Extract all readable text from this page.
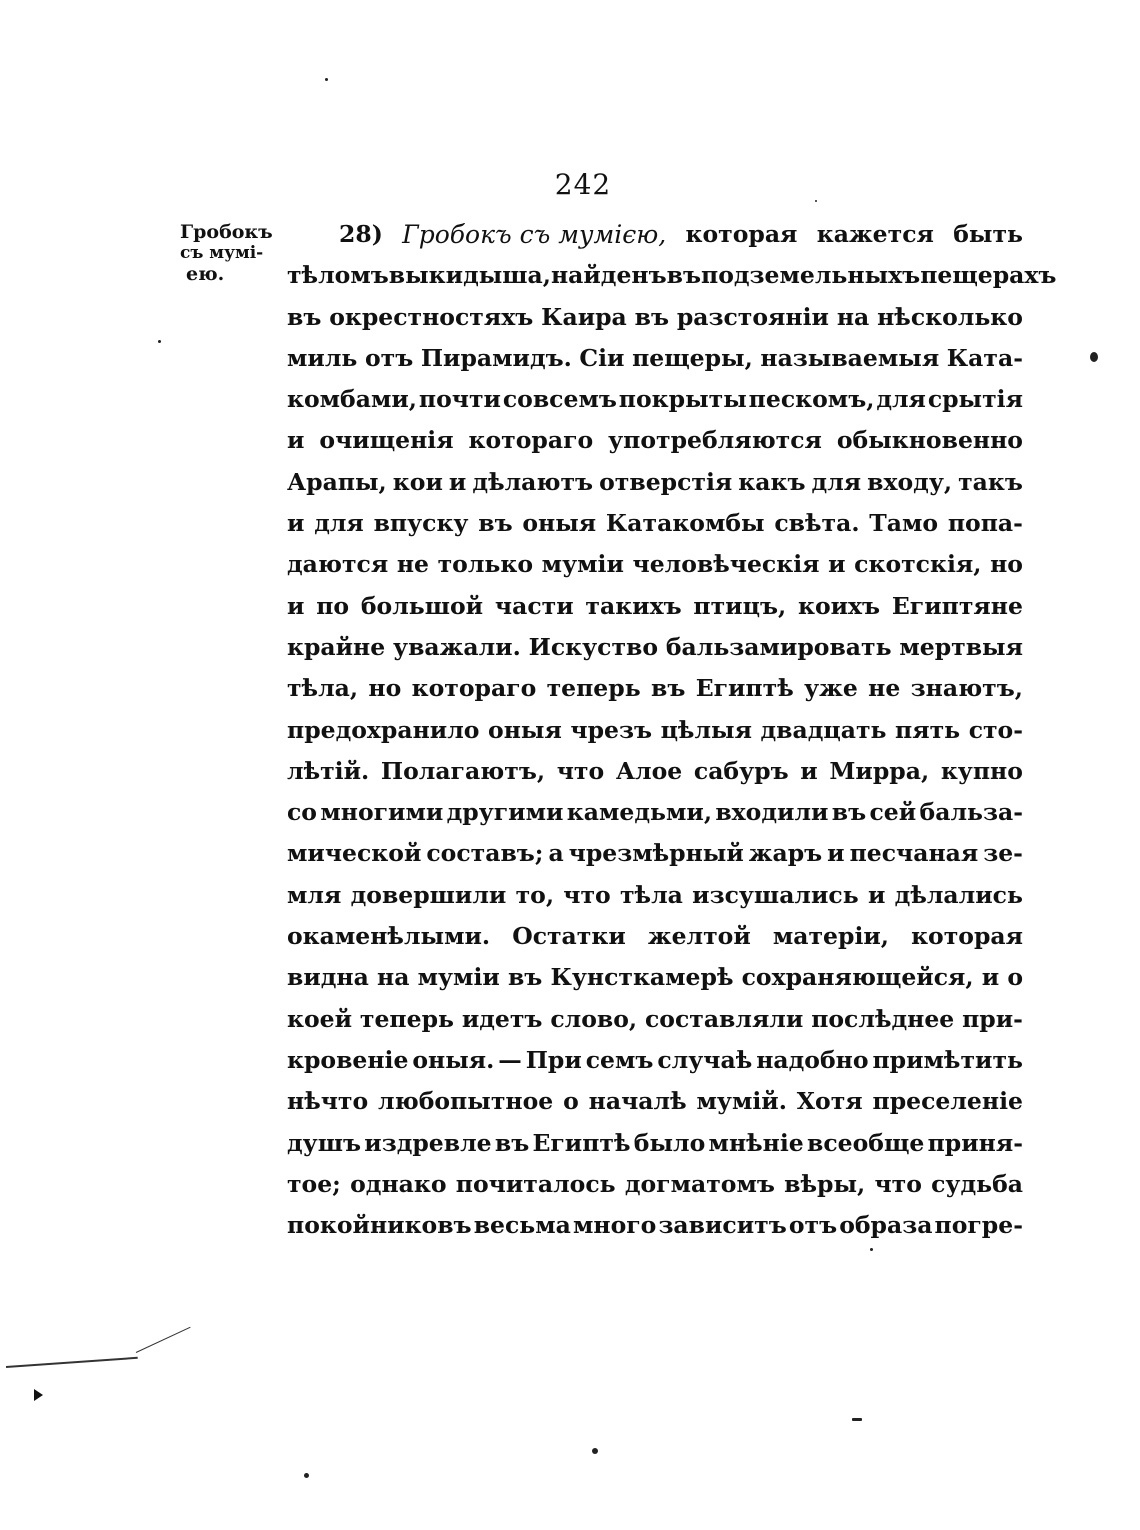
242
Гробокъ
съ мумі-
ею.
28) Гробокъ съ мумією, которая кажется быть
тѣломъ выкидыша, найденъ въ подземельныхъ пещерахъ
въ окрестностяхъ Каира въ разстояніи на нѣсколько
миль отъ Пирамидъ. Сіи пещеры, называемыя Ката-
комбами, почти совсемъ покрыты пескомъ, для срытія
и очищенія котораго употребляются обыкновенно
Арапы, кои и дѣлаютъ отверстія какъ для входу, такъ
и для впуску въ оныя Катакомбы свѣта. Тамо попа-
даются не только муміи человѣческія и скотскія, но
и по большой части такихъ птицъ, коихъ Египтяне
крайне уважали. Искуство бальзамировать мертвыя
тѣла, но котораго теперь въ Египтѣ уже не знаютъ,
предохранило оныя чрезъ цѣлыя двадцать пять сто-
лѣтій. Полагаютъ, что Алое сабуръ и Мирра, купно
со многими другими камедьми, входили въ сей бальза-
мической составъ; а чрезмѣрный жаръ и песчаная зе-
мля довершили то, что тѣла изсушались и дѣлались
окаменѣлыми. Остатки желтой матеріи, которая
видна на муміи въ Кунсткамерѣ сохраняющейся, и о
коей теперь идетъ слово, составляли послѣднее при-
кровеніе оныя. — При семъ случаѣ надобно примѣтить
нѣчто любопытное о началѣ мумій. Хотя преселеніе
душъ издревле въ Египтѣ было мнѣніе всеобще приня-
тое; однако почиталось догматомъ вѣры, что судьба
покойниковъ весьма много зависитъ отъ образа погре-
